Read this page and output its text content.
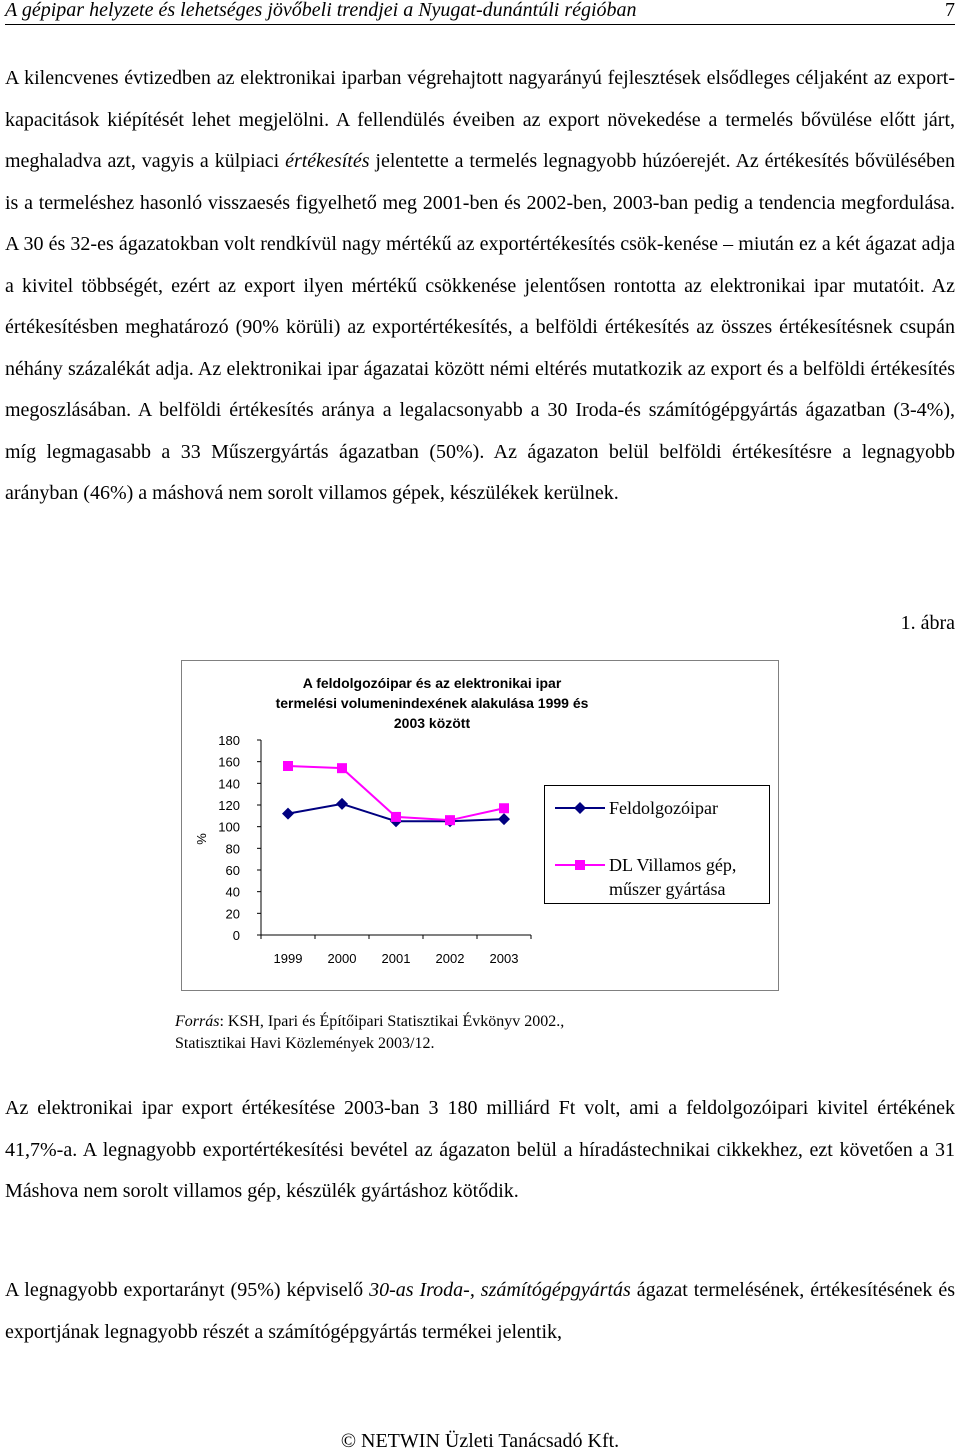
A gépipar helyzete és lehetséges jövőbeli trendjei a Nyugat-dunántúli régióban	7

A kilencvenes évtizedben az elektronikai iparban végrehajtott nagyarányú fejlesztések elsődleges céljaként az export-kapacitások kiépítését lehet megjelölni. A fellendülés éveiben az export növekedése a termelés bővülése előtt járt, meghaladva azt, vagyis a külpiaci értékesítés jelentette a termelés legnagyobb húzóerejét. Az értékesítés bővülésében is a termeléshez hasonló visszaesés figyelhető meg 2001-ben és 2002-ben, 2003-ban pedig a tendencia megfordulása. A 30 és 32-es ágazatokban volt rendkívül nagy mértékű az exportértékesítés csök-kenése – miután ez a két ágazat adja a kivitel többségét, ezért az export ilyen mértékű csökkenése jelentősen rontotta az elektronikai ipar mutatóit. Az értékesítésben meghatározó (90% körüli) az exportértékesítés, a belföldi értékesítés az összes értékesítésnek csupán néhány százalékát adja. Az elektronikai ipar ágazatai között némi eltérés mutatkozik az export és a belföldi értékesítés megoszlásában. A belföldi értékesítés aránya a legalacsonyabb a 30 Iroda-és számítógépgyártás ágazatban (3-4%), míg legmagasabb a 33 Műszergyártás ágazatban (50%). Az ágazaton belül belföldi értékesítésre a legnagyobb arányban (46%) a máshová nem sorolt villamos gépek, készülékek kerülnek.

1. ábra
A feldolgozóipar és az elektronikai ipar termelési volumenindexének alakulása 1999 és 2003 között
0
20
40
60
80
100
120
140
160
180
1999 2000 2001 2002 2003
%
Feldolgozóipar
DL Villamos gép, műszer gyártása
Forrás: KSH, Ipari és Építőipari Statisztikai Évkönyv 2002.,
Statisztikai Havi Közlemények 2003/12.

Az elektronikai ipar export értékesítése 2003-ban 3 180 milliárd Ft volt, ami a feldolgozóipari kivitel értékének 41,7%-a. A legnagyobb exportértékesítési bevétel az ágazaton belül a híradástechnikai cikkekhez, ezt követően a 31 Máshova nem sorolt villamos gép, készülék gyártáshoz kötődik.

A legnagyobb exportarányt (95%) képviselő 30-as Iroda-, számítógépgyártás ágazat termelésének, értékesítésének és exportjának legnagyobb részét a számítógépgyártás termékei jelentik,

© NETWIN Üzleti Tanácsadó Kft.
